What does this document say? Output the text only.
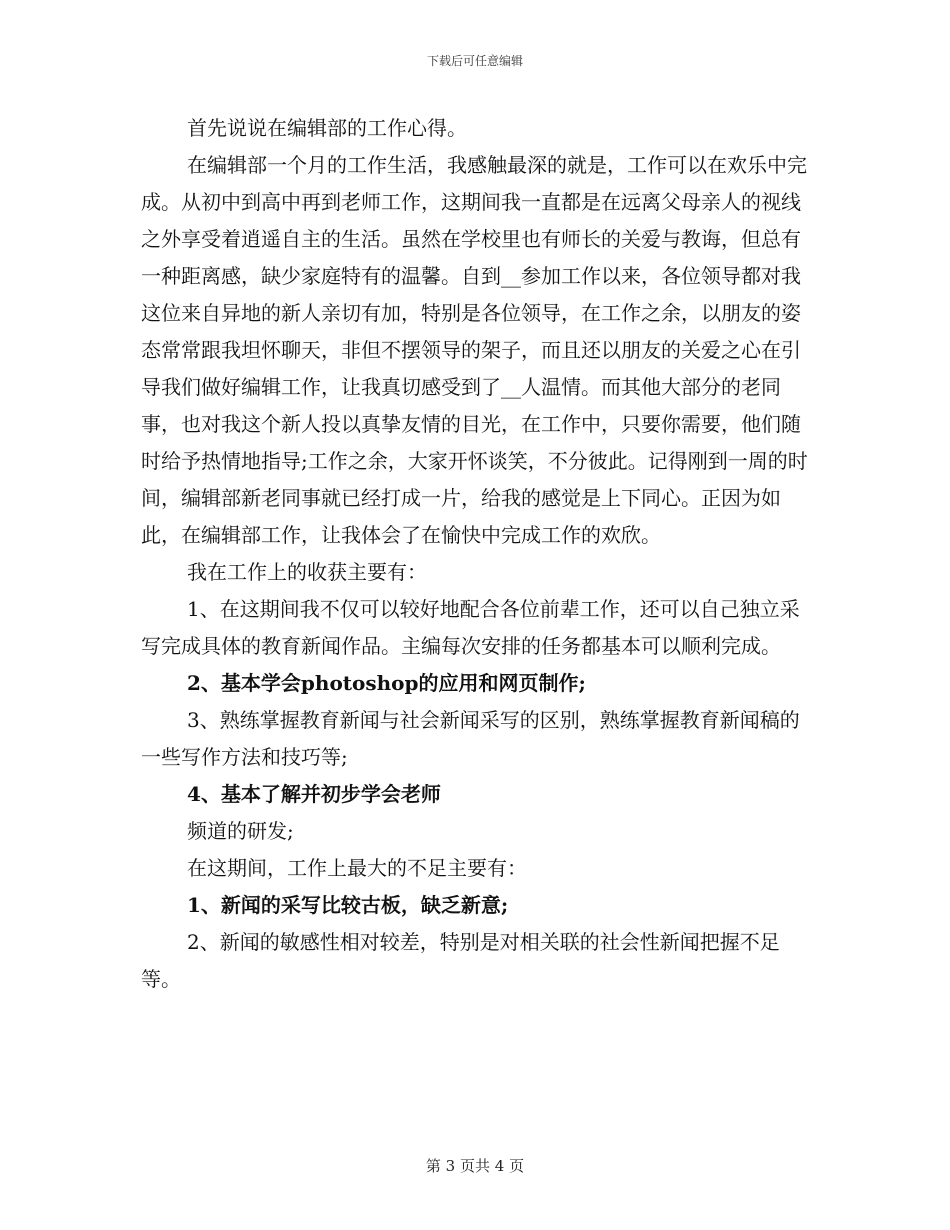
下载后可任意编辑

首先说说在编辑部的工作心得。

在编辑部一个月的工作生活，我感触最深的就是，工作可以在欢乐中完成。从初中到高中再到老师工作，这期间我一直都是在远离父母亲人的视线之外享受着逍遥自主的生活。虽然在学校里也有师长的关爱与教诲，但总有一种距离感，缺少家庭特有的温馨。自到__参加工作以来，各位领导都对我这位来自异地的新人亲切有加，特别是各位领导，在工作之余，以朋友的姿态常常跟我坦怀聊天，非但不摆领导的架子，而且还以朋友的关爱之心在引导我们做好编辑工作，让我真切感受到了__人温情。而其他大部分的老同事，也对我这个新人投以真挚友情的目光，在工作中，只要你需要，他们随时给予热情地指导;工作之余，大家开怀谈笑，不分彼此。记得刚到一周的时间，编辑部新老同事就已经打成一片，给我的感觉是上下同心。正因为如此，在编辑部工作，让我体会了在愉快中完成工作的欢欣。

我在工作上的收获主要有：

1、在这期间我不仅可以较好地配合各位前辈工作，还可以自己独立采写完成具体的教育新闻作品。主编每次安排的任务都基本可以顺利完成。

2、基本学会photoshop的应用和网页制作;

3、熟练掌握教育新闻与社会新闻采写的区别，熟练掌握教育新闻稿的一些写作方法和技巧等;

4、基本了解并初步学会老师

频道的研发;

在这期间，工作上最大的不足主要有：

1、新闻的采写比较古板，缺乏新意;

2、新闻的敏感性相对较差，特别是对相关联的社会性新闻把握不足等。

第 3 页共 4 页
